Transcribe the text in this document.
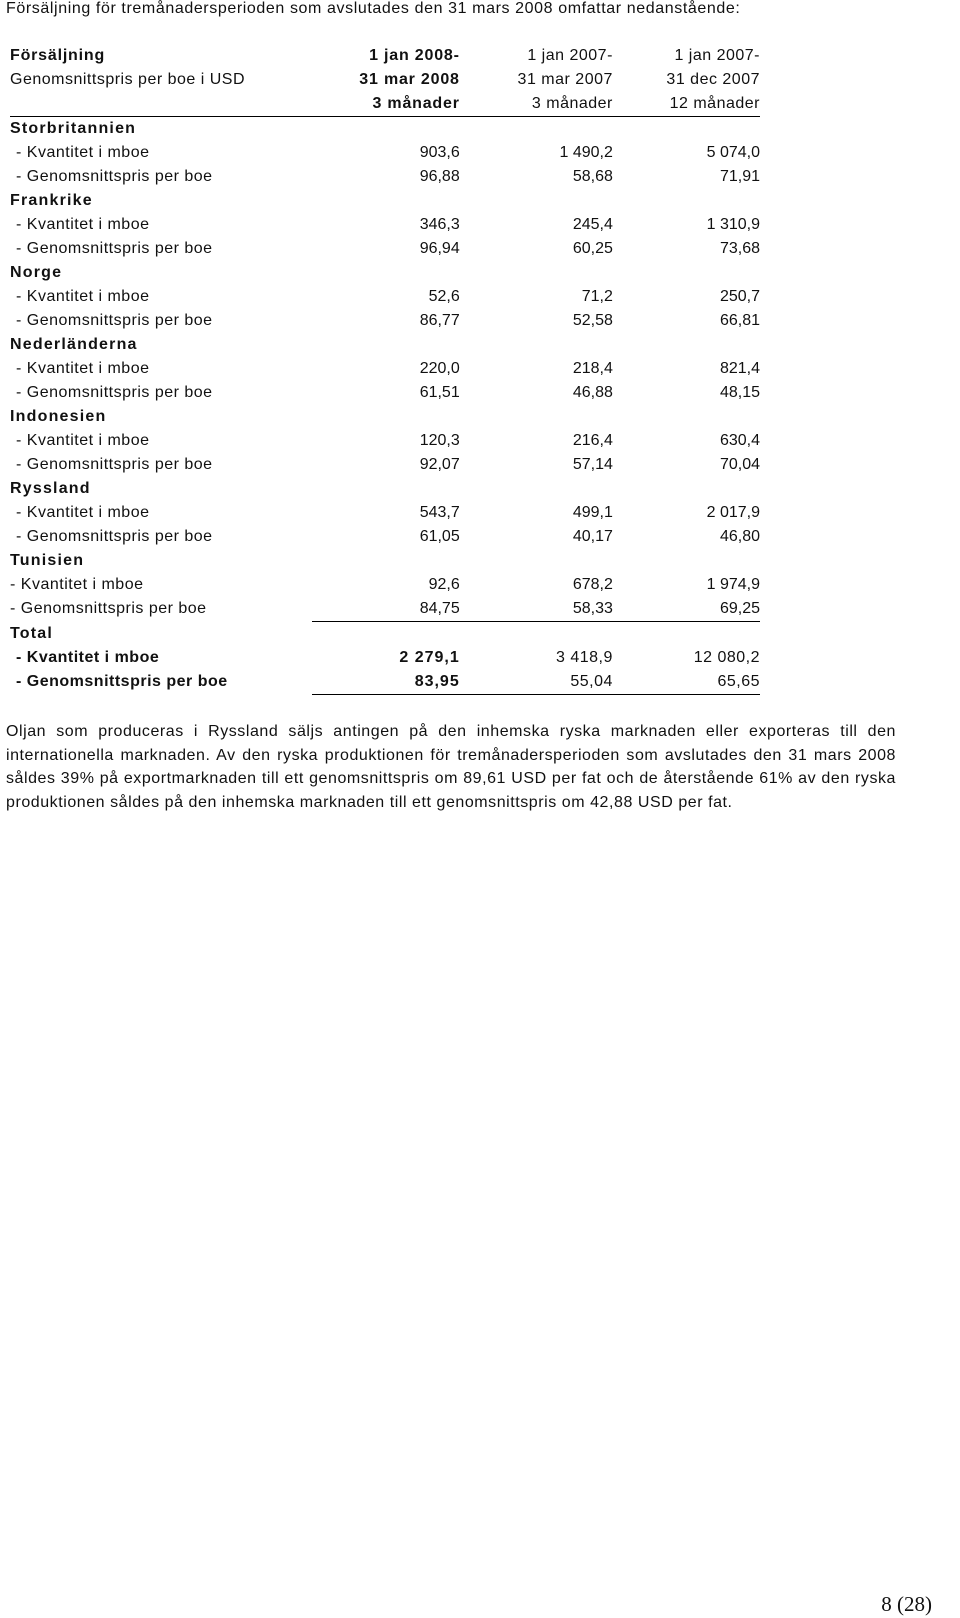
Försäljning för tremånadersperioden som avslutades den 31 mars 2008 omfattar nedanstående:
Försäljning	1 jan 2008-	1 jan 2007-	1 jan 2007-
Genomsnittspris per boe i USD	31 mar 2008	31 mar 2007	31 dec 2007
	3 månader	3 månader	12 månader
Storbritannien			
- Kvantitet i mboe	903,6	1 490,2	5 074,0
- Genomsnittspris per boe	96,88	58,68	71,91
Frankrike			
- Kvantitet i mboe	346,3	245,4	1 310,9
- Genomsnittspris per boe	96,94	60,25	73,68
Norge			
- Kvantitet i mboe	52,6	71,2	250,7
- Genomsnittspris per boe	86,77	52,58	66,81
Nederländerna			
- Kvantitet i mboe	220,0	218,4	821,4
- Genomsnittspris per boe	61,51	46,88	48,15
Indonesien			
- Kvantitet i mboe	120,3	216,4	630,4
- Genomsnittspris per boe	92,07	57,14	70,04
Ryssland			
- Kvantitet i mboe	543,7	499,1	2 017,9
- Genomsnittspris per boe	61,05	40,17	46,80
Tunisien			
- Kvantitet i mboe	92,6	678,2	1 974,9
- Genomsnittspris per boe	84,75	58,33	69,25
Total			
- Kvantitet i mboe	2 279,1	3 418,9	12 080,2
- Genomsnittspris per boe	83,95	55,04	65,65
Oljan som produceras i Ryssland säljs antingen på den inhemska ryska marknaden eller exporteras till den internationella marknaden. Av den ryska produktionen för tremånadersperioden som avslutades den 31 mars 2008 såldes 39% på exportmarknaden till ett genomsnittspris om 89,61 USD per fat och de återstående 61% av den ryska produktionen såldes på den inhemska marknaden till ett genomsnittspris om 42,88 USD per fat.
8 (28)
